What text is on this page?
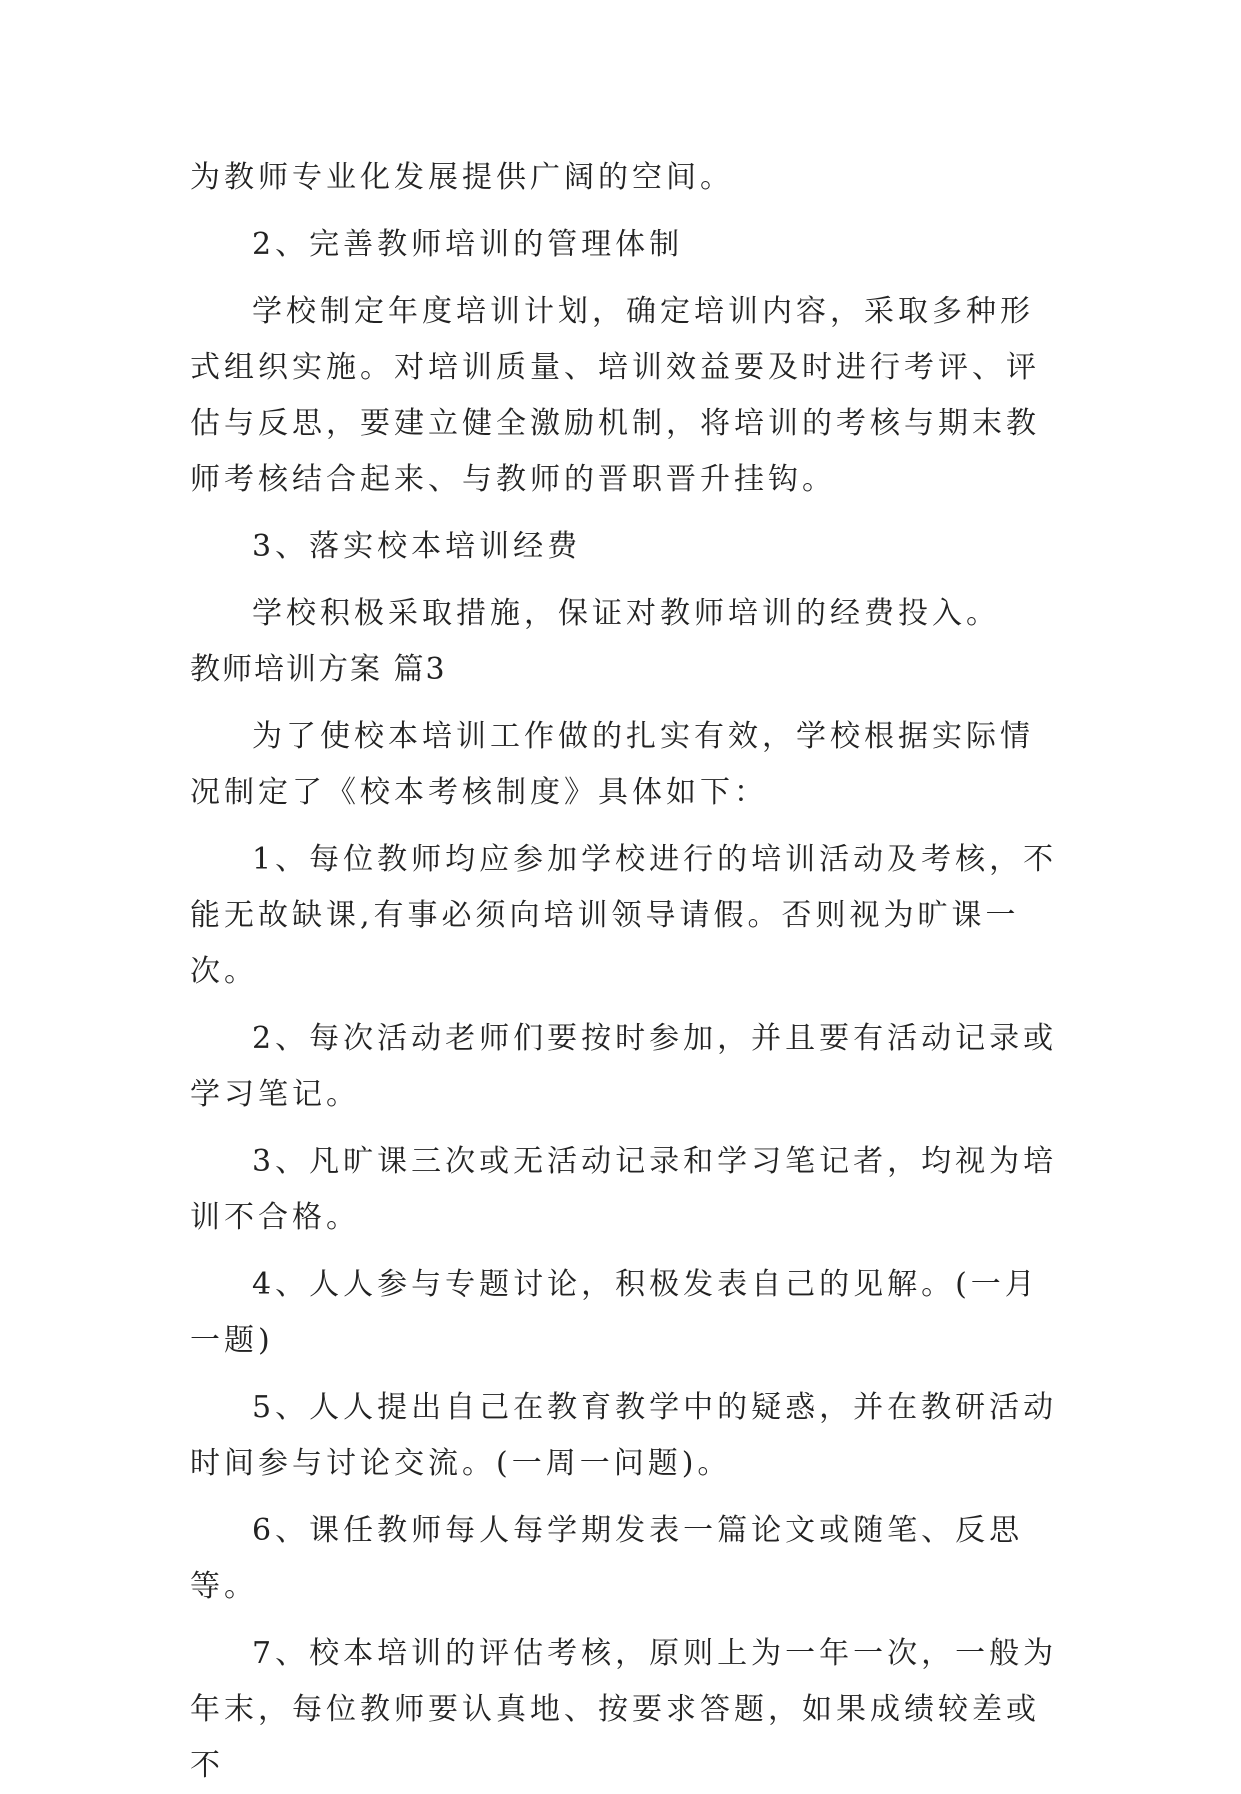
为教师专业化发展提供广阔的空间。

2、完善教师培训的管理体制

学校制定年度培训计划，确定培训内容，采取多种形式组织实施。对培训质量、培训效益要及时进行考评、评估与反思，要建立健全激励机制，将培训的考核与期末教师考核结合起来、与教师的晋职晋升挂钩。

3、落实校本培训经费

学校积极采取措施，保证对教师培训的经费投入。

教师培训方案 篇3

为了使校本培训工作做的扎实有效，学校根据实际情况制定了《校本考核制度》具体如下：

1、每位教师均应参加学校进行的培训活动及考核，不能无故缺课,有事必须向培训领导请假。否则视为旷课一次。

2、每次活动老师们要按时参加，并且要有活动记录或学习笔记。

3、凡旷课三次或无活动记录和学习笔记者，均视为培训不合格。

4、人人参与专题讨论，积极发表自己的见解。(一月一题)

5、人人提出自己在教育教学中的疑惑，并在教研活动时间参与讨论交流。(一周一问题)。

6、课任教师每人每学期发表一篇论文或随笔、反思等。

7、校本培训的评估考核，原则上为一年一次，一般为年末，每位教师要认真地、按要求答题，如果成绩较差或不
